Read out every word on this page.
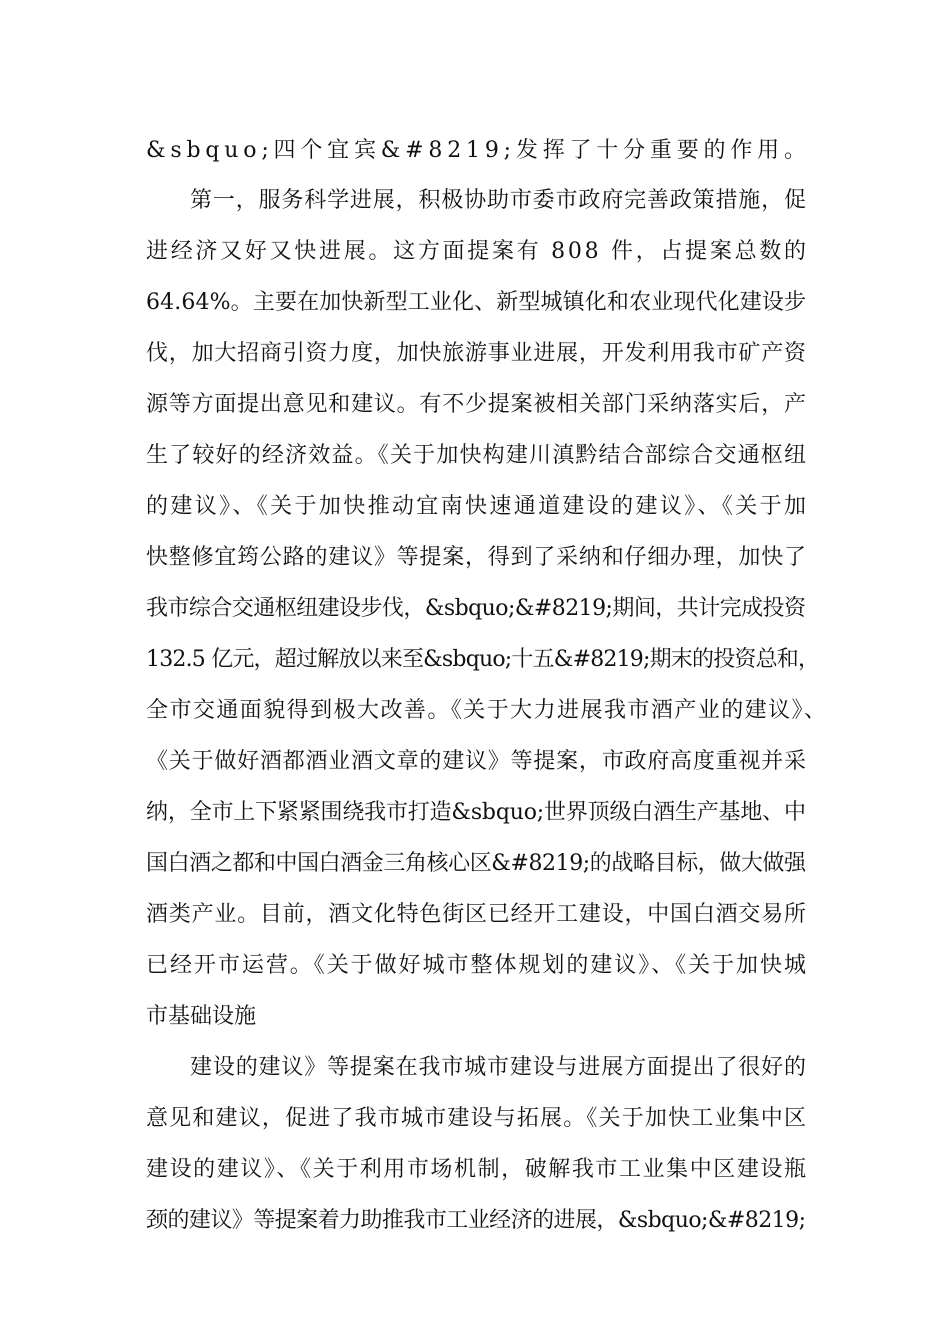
&sbquo;四个宜宾&#8219;发挥了十分重要的作用。
第一，服务科学进展，积极协助市委市政府完善政策措施，促
进经济又好又快进展。这方面提案有 808 件，占提案总数的
64.64%。主要在加快新型工业化、新型城镇化和农业现代化建设步
伐，加大招商引资力度，加快旅游事业进展，开发利用我市矿产资
源等方面提出意见和建议。有不少提案被相关部门采纳落实后，产
生了较好的经济效益。《关于加快构建川滇黔结合部综合交通枢纽
的建议》、《关于加快推动宜南快速通道建设的建议》、《关于加
快整修宜筠公路的建议》等提案，得到了采纳和仔细办理，加快了
我市综合交通枢纽建设步伐，&sbquo;&#8219;期间，共计完成投资
132.5 亿元，超过解放以来至&sbquo;十五&#8219;期末的投资总和，
全市交通面貌得到极大改善。《关于大力进展我市酒产业的建议》、
《关于做好酒都酒业酒文章的建议》等提案，市政府高度重视并采
纳，全市上下紧紧围绕我市打造&sbquo;世界顶级白酒生产基地、中
国白酒之都和中国白酒金三角核心区&#8219;的战略目标，做大做强
酒类产业。目前，酒文化特色街区已经开工建设，中国白酒交易所
已经开市运营。《关于做好城市整体规划的建议》、《关于加快城
市基础设施
建设的建议》等提案在我市城市建设与进展方面提出了很好的
意见和建议，促进了我市城市建设与拓展。《关于加快工业集中区
建设的建议》、《关于利用市场机制，破解我市工业集中区建设瓶
颈的建议》等提案着力助推我市工业经济的进展，&sbquo;&#8219;
